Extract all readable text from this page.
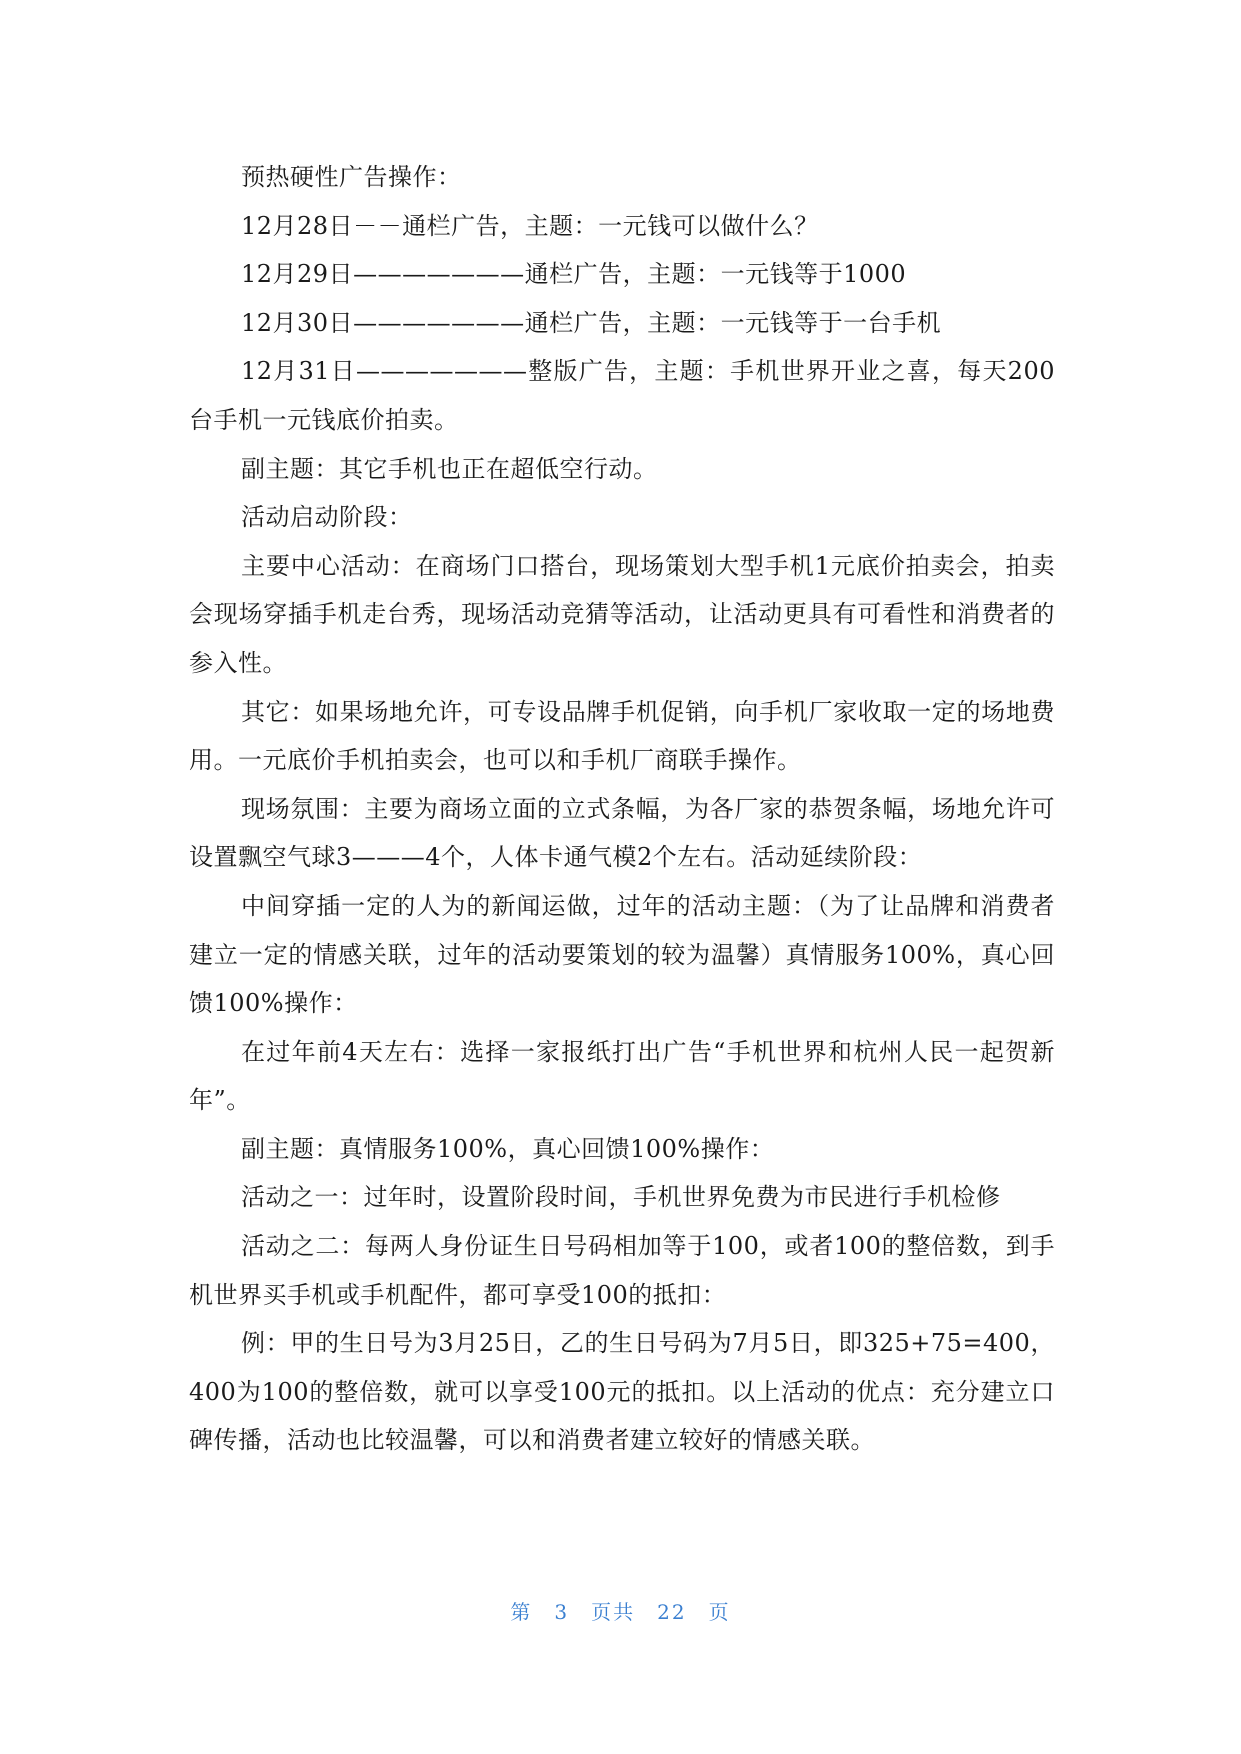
预热硬性广告操作：

12月28日－－通栏广告，主题：一元钱可以做什么？

12月29日———————通栏广告，主题：一元钱等于1000

12月30日———————通栏广告，主题：一元钱等于一台手机

12月31日———————整版广告，主题：手机世界开业之喜，每天200台手机一元钱底价拍卖。

副主题：其它手机也正在超低空行动。

活动启动阶段：

主要中心活动：在商场门口搭台，现场策划大型手机1元底价拍卖会，拍卖会现场穿插手机走台秀，现场活动竞猜等活动，让活动更具有可看性和消费者的参入性。

其它：如果场地允许，可专设品牌手机促销，向手机厂家收取一定的场地费用。一元底价手机拍卖会，也可以和手机厂商联手操作。

现场氛围：主要为商场立面的立式条幅，为各厂家的恭贺条幅，场地允许可设置飘空气球3———4个，人体卡通气模2个左右。活动延续阶段：

中间穿插一定的人为的新闻运做，过年的活动主题：（为了让品牌和消费者建立一定的情感关联，过年的活动要策划的较为温馨）真情服务100%，真心回馈100%操作：

在过年前4天左右：选择一家报纸打出广告“手机世界和杭州人民一起贺新年”。

副主题：真情服务100%，真心回馈100%操作：

活动之一：过年时，设置阶段时间，手机世界免费为市民进行手机检修

活动之二：每两人身份证生日号码相加等于100，或者100的整倍数，到手机世界买手机或手机配件，都可享受100的抵扣：

例：甲的生日号为3月25日，乙的生日号码为7月5日，即325+75=400，400为100的整倍数，就可以享受100元的抵扣。以上活动的优点：充分建立口碑传播，活动也比较温馨，可以和消费者建立较好的情感关联。

第 3 页共 22 页
